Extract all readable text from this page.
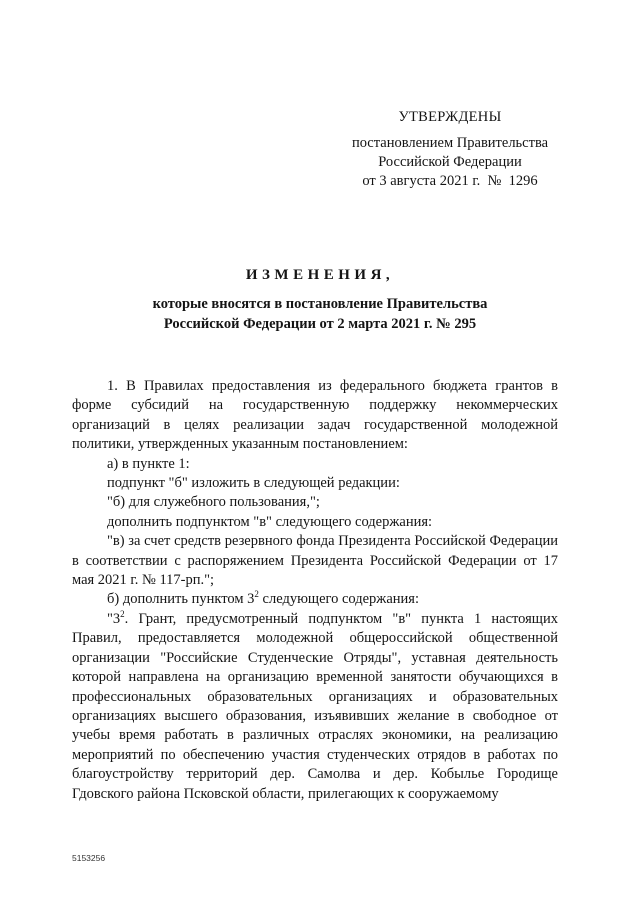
УТВЕРЖДЕНЫ
постановлением Правительства
Российской Федерации
от 3 августа 2021 г. № 1296
ИЗМЕНЕНИЯ,
которые вносятся в постановление Правительства
Российской Федерации от 2 марта 2021 г. № 295

1. В Правилах предоставления из федерального бюджета грантов в форме субсидий на государственную поддержку некоммерческих организаций в целях реализации задач государственной молодежной политики, утвержденных указанным постановлением:

а) в пункте 1:

подпункт "б" изложить в следующей редакции:

"б) для служебного пользования,";

дополнить подпунктом "в" следующего содержания:

"в) за счет средств резервного фонда Президента Российской Федерации в соответствии с распоряжением Президента Российской Федерации от 17 мая 2021 г. № 117-рп.";

б) дополнить пунктом $3^2$ следующего содержания:

"$3^2$. Грант, предусмотренный подпунктом "в" пункта 1 настоящих Правил, предоставляется молодежной общероссийской общественной организации "Российские Студенческие Отряды", уставная деятельность которой направлена на организацию временной занятости обучающихся в профессиональных образовательных организациях и образовательных организациях высшего образования, изъявивших желание в свободное от учебы время работать в различных отраслях экономики, на реализацию мероприятий по обеспечению участия студенческих отрядов в работах по благоустройству территорий дер. Самолва и дер. Кобылье Городище Гдовского района Псковской области, прилегающих к сооружаемому

5153256
